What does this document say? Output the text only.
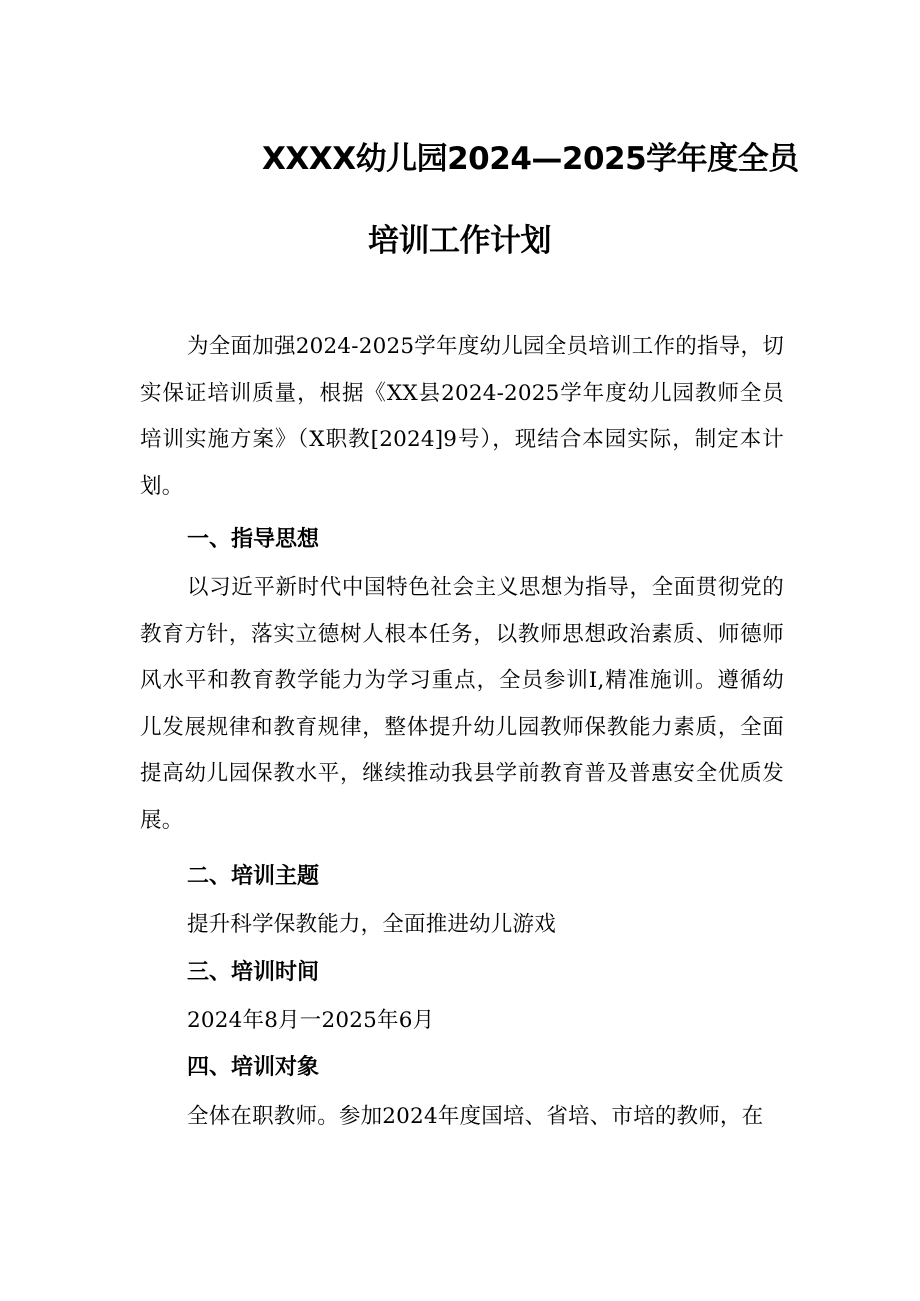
XXXX幼儿园2024—2025学年度全员
培训工作计划

为全面加强2024-2025学年度幼儿园全员培训工作的指导，切实保证培训质量，根据《XX县2024-2025学年度幼儿园教师全员培训实施方案》（X职教[2024]9号），现结合本园实际，制定本计划。

一、指导思想

以习近平新时代中国特色社会主义思想为指导，全面贯彻党的教育方针，落实立德树人根本任务，以教师思想政治素质、师德师风水平和教育教学能力为学习重点，全员参训I,精准施训。遵循幼儿发展规律和教育规律，整体提升幼儿园教师保教能力素质，全面提高幼儿园保教水平，继续推动我县学前教育普及普惠安全优质发展。

二、培训主题

提升科学保教能力，全面推进幼儿游戏

三、培训时间

2024年8月一2025年6月

四、培训对象

全体在职教师。参加2024年度国培、省培、市培的教师，在
